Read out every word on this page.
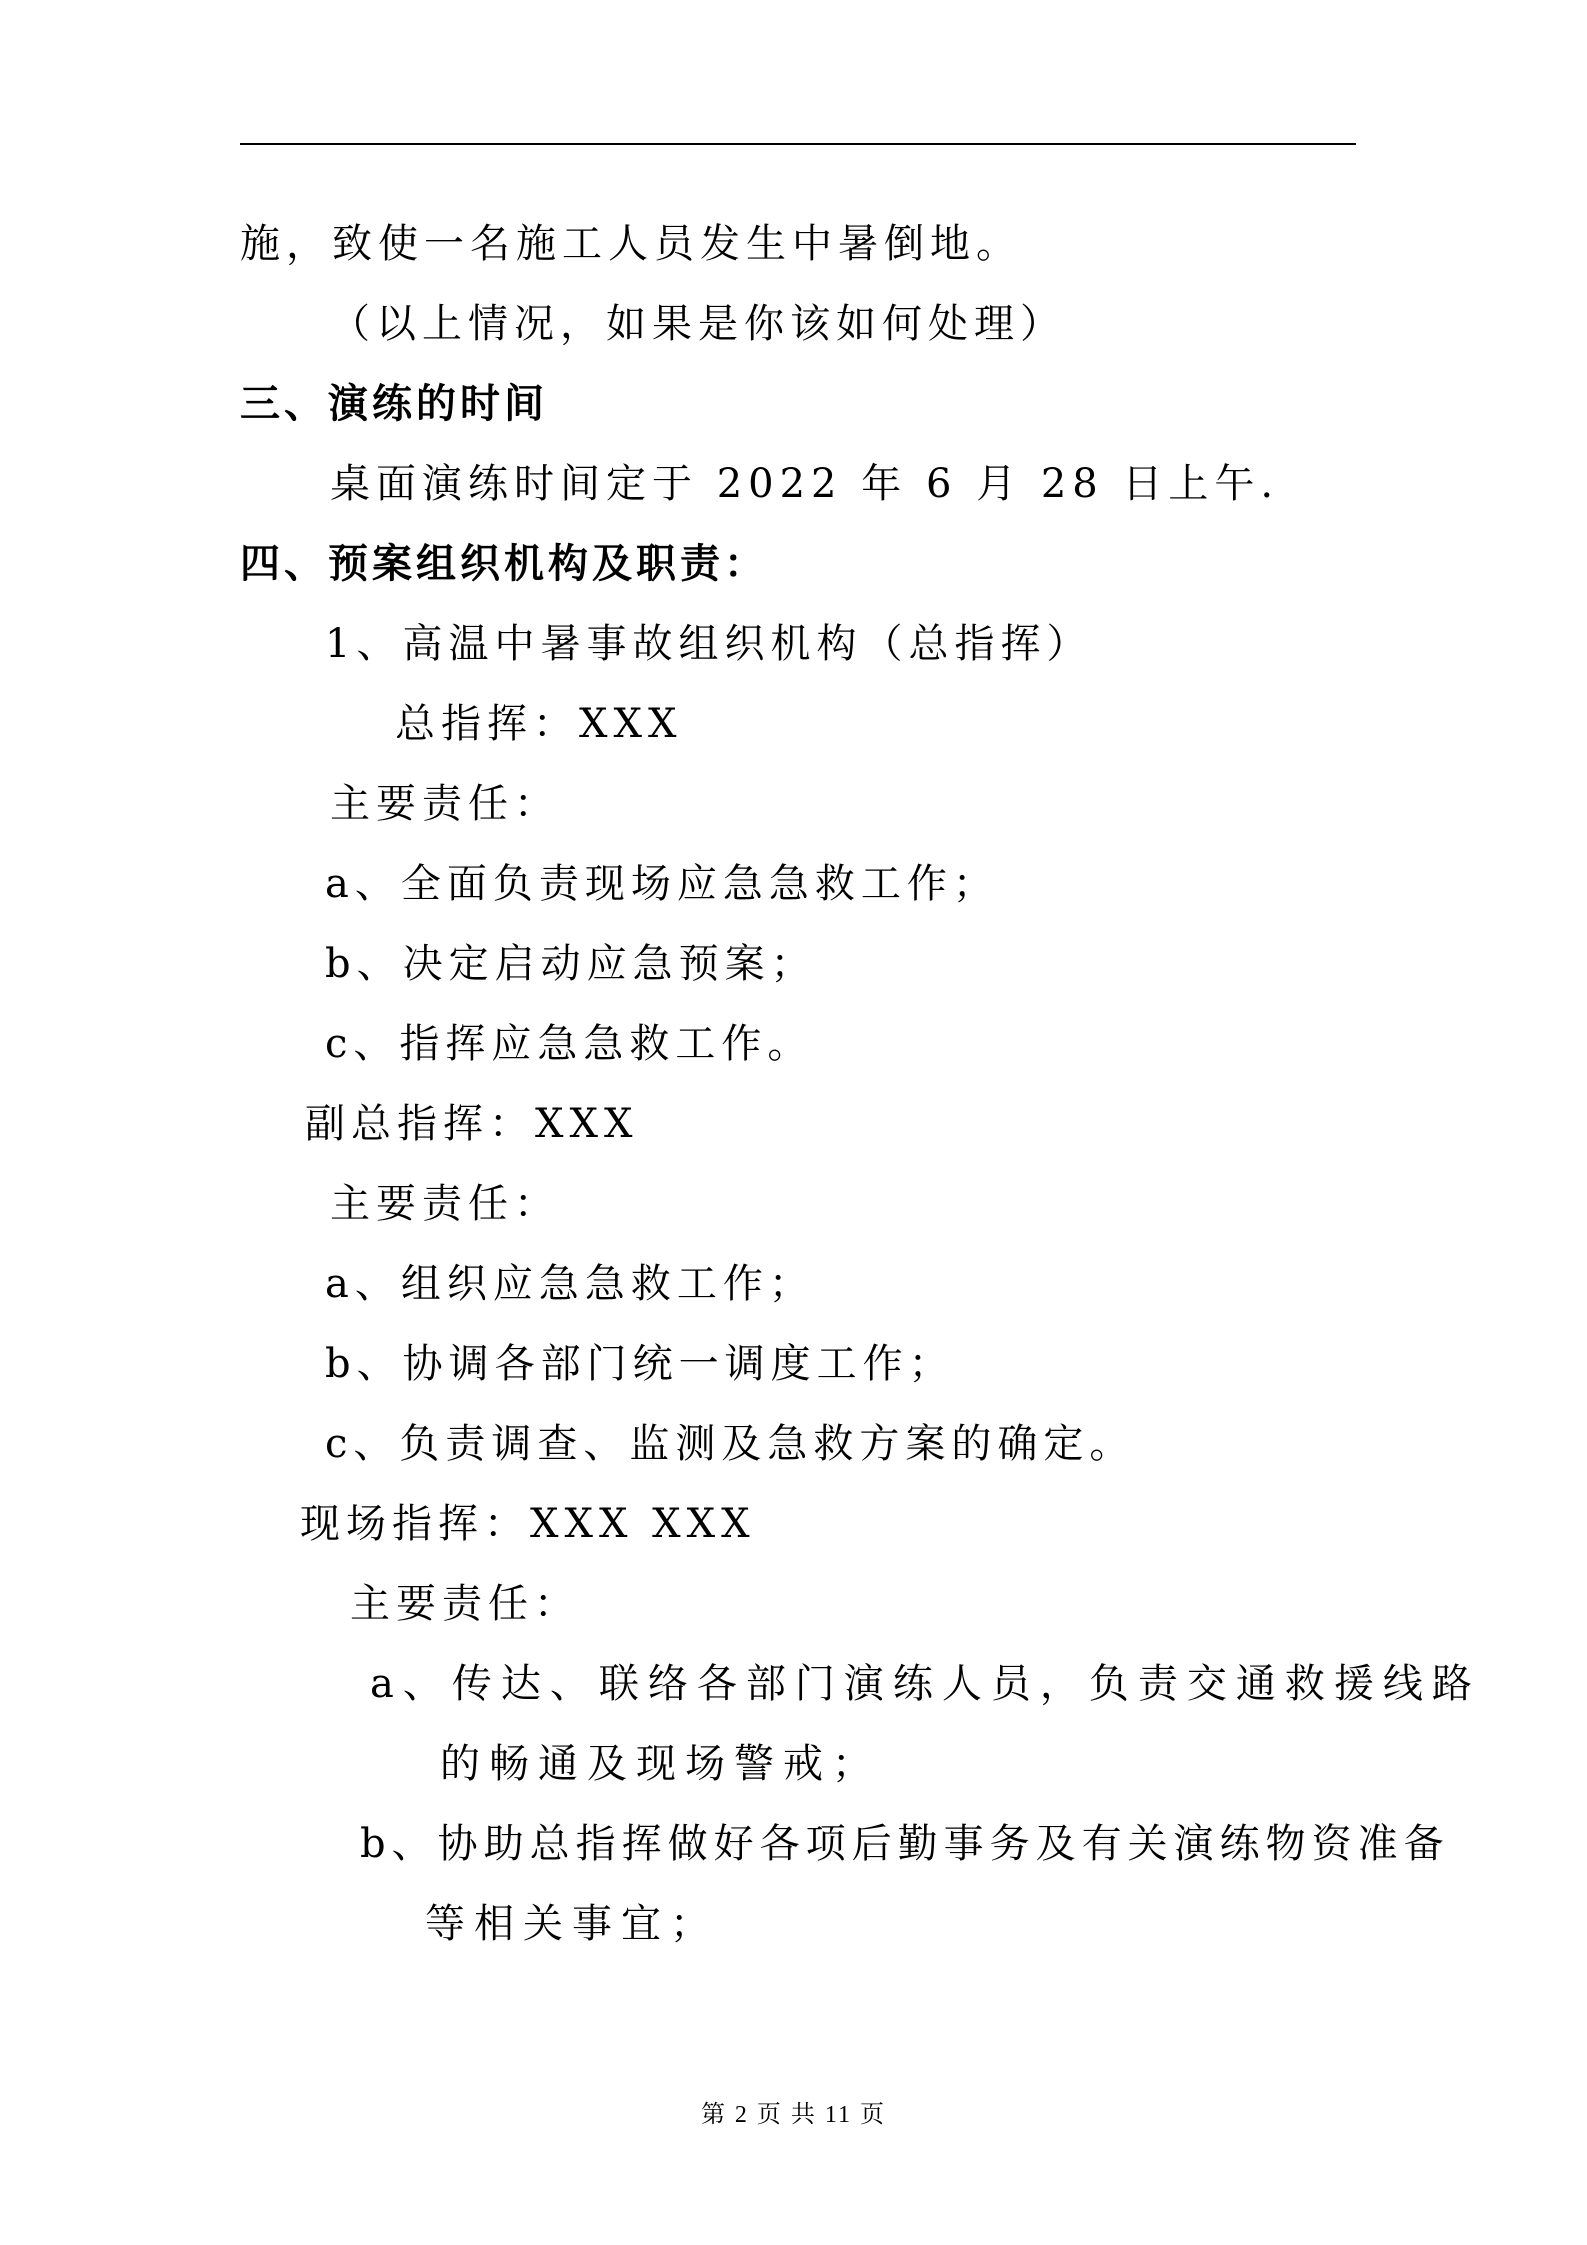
施，致使一名施工人员发生中暑倒地。
（以上情况，如果是你该如何处理）
三、演练的时间
桌面演练时间定于 2022 年 6 月 28 日上午.
四、预案组织机构及职责：
1、高温中暑事故组织机构（总指挥）
总指挥：XXX
主要责任：
a、全面负责现场应急急救工作；
b、决定启动应急预案；
c、指挥应急急救工作。
副总指挥：XXX
主要责任：
a、组织应急急救工作；
b、协调各部门统一调度工作；
c、负责调查、监测及急救方案的确定。
现场指挥：XXX XXX
主要责任：
a、传达、联络各部门演练人员，负责交通救援线路
的畅通及现场警戒；
b、协助总指挥做好各项后勤事务及有关演练物资准备
等相关事宜；
第 2 页 共 11 页
